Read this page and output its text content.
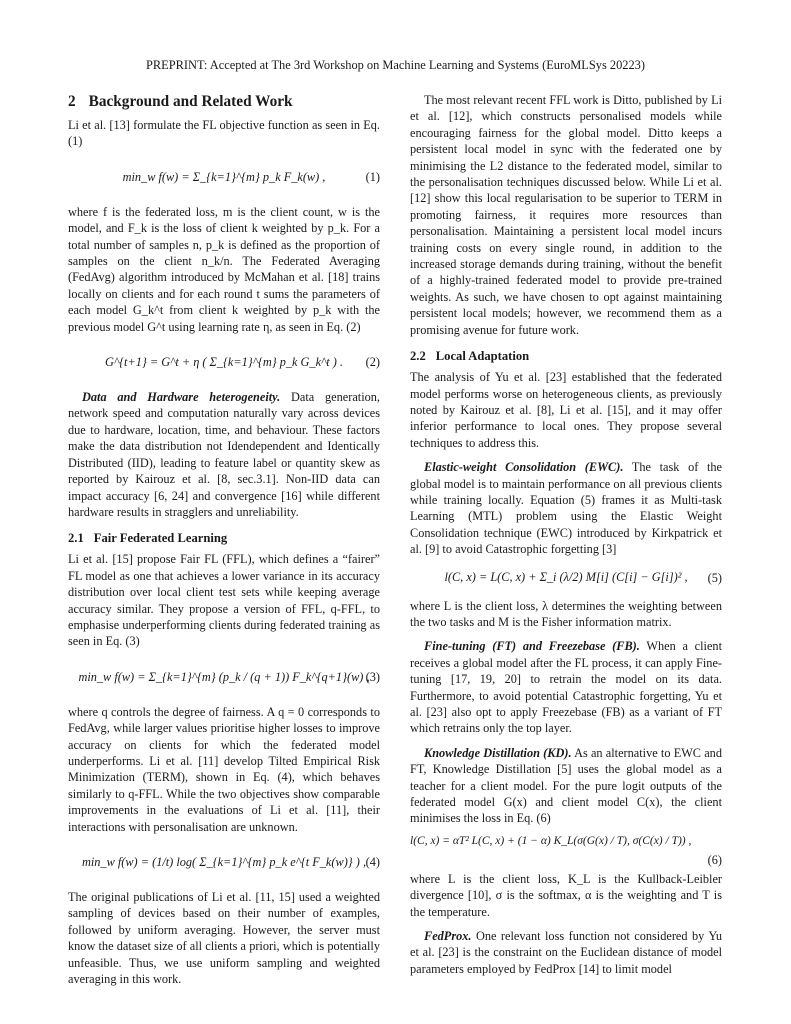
PREPRINT: Accepted at The 3rd Workshop on Machine Learning and Systems (EuroMLSys 20223)
2 Background and Related Work

Li et al. [13] formulate the FL objective function as seen in Eq. (1)

min_w f(w) = Σ_{k=1}^{m} p_k F_k(w) ,	(1)

where f is the federated loss, m is the client count, w is the model, and F_k is the loss of client k weighted by p_k. For a total number of samples n, p_k is defined as the proportion of samples on the client n_k/n. The Federated Averaging (FedAvg) algorithm introduced by McMahan et al. [18] trains locally on clients and for each round t sums the parameters of each model G_k^t from client k weighted by p_k with the previous model G^t using learning rate η, as seen in Eq. (2)

G^{t+1} = G^t + η ( Σ_{k=1}^{m} p_k G_k^t ) . (2)

Data and Hardware heterogeneity. Data generation, network speed and computation naturally vary across devices due to hardware, location, time, and behaviour. These factors make the data distribution not Idendependent and Identically Distributed (IID), leading to feature label or quantity skew as reported by Kairouz et al. [8, sec.3.1]. Non-IID data can impact accuracy [6, 24] and convergence [16] while different hardware results in stragglers and unreliability.

2.1 Fair Federated Learning

Li et al. [15] propose Fair FL (FFL), which defines a “fairer” FL model as one that achieves a lower variance in its accuracy distribution over local client test sets while keeping average accuracy similar. They propose a version of FFL, q-FFL, to emphasise underperforming clients during federated training as seen in Eq. (3)

min_w f(w) = Σ_{k=1}^{m} (p_k / (q + 1)) F_k^{q+1}(w) ,
(3)

where q controls the degree of fairness. A q = 0 corresponds to FedAvg, while larger values prioritise higher losses to improve accuracy on clients for which the federated model underperforms. Li et al. [11] develop Tilted Empirical Risk Minimization (TERM), shown in Eq. (4), which behaves similarly to q-FFL. While the two objectives show comparable improvements in the evaluations of Li et al. [11], their interactions with personalisation are unknown.

min_w f(w) = (1/t) log( Σ_{k=1}^{m} p_k e^{t F_k(w)} ) , (4)

The original publications of Li et al. [11, 15] used a weighted sampling of devices based on their number of examples, followed by uniform averaging. However, the server must know the dataset size of all clients a priori, which is potentially unfeasible. Thus, we use uniform sampling and weighted averaging in this work.

The most relevant recent FFL work is Ditto, published by Li et al. [12], which constructs personalised models while encouraging fairness for the global model. Ditto keeps a persistent local model in sync with the federated one by minimising the L2 distance to the federated model, similar to the personalisation techniques discussed below. While Li et al. [12] show this local regularisation to be superior to TERM in promoting fairness, it requires more resources than personalisation. Maintaining a persistent local model incurs training costs on every single round, in addition to the increased storage demands during training, without the benefit of a highly-trained federated model to provide pre-trained weights. As such, we have chosen to opt against maintaining persistent local models; however, we recommend them as a promising avenue for future work.

2.2 Local Adaptation

The analysis of Yu et al. [23] established that the federated model performs worse on heterogeneous clients, as previously noted by Kairouz et al. [8], Li et al. [15], and it may offer inferior performance to local ones. They propose several techniques to address this.

Elastic-weight Consolidation (EWC). The task of the global model is to maintain performance on all previous clients while training locally. Equation (5) frames it as Multi-task Learning (MTL) problem using the Elastic Weight Consolidation technique (EWC) introduced by Kirkpatrick et al. [9] to avoid Catastrophic forgetting [3]

l(C, x) = L(C, x) + Σ_i (λ/2) M[i] (C[i] − G[i])² , (5)

where L is the client loss, λ determines the weighting between the two tasks and M is the Fisher information matrix.

Fine-tuning (FT) and Freezebase (FB). When a client receives a global model after the FL process, it can apply Fine-tuning [17, 19, 20] to retrain the model on its data. Furthermore, to avoid potential Catastrophic forgetting, Yu et al. [23] also opt to apply Freezebase (FB) as a variant of FT which retrains only the top layer.

Knowledge Distillation (KD). As an alternative to EWC and FT, Knowledge Distillation [5] uses the global model as a teacher for a client model. For the pure logit outputs of the federated model G(x) and client model C(x), the client minimises the loss in Eq. (6)

l(C, x) = αT² L(C, x) + (1 − α) K_L(σ(G(x) / T), σ(C(x) / T)) ,
(6)

where L is the client loss, K_L is the Kullback-Leibler divergence [10], σ is the softmax, α is the weighting and T is the temperature.

FedProx. One relevant loss function not considered by Yu et al. [23] is the constraint on the Euclidean distance of model parameters employed by FedProx [14] to limit model
